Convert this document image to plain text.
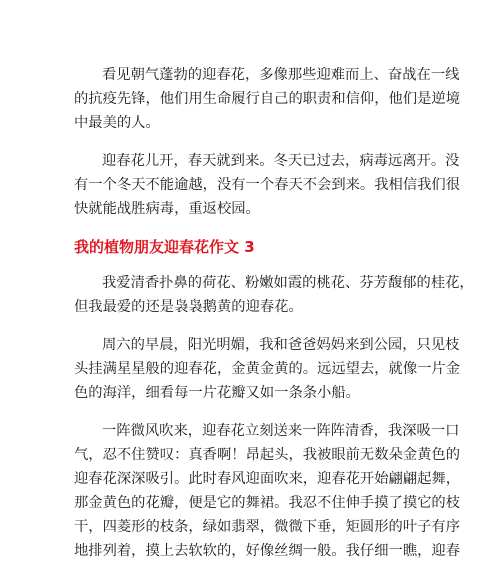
看见朝气蓬勃的迎春花，多像那些迎难而上、奋战在一线
的抗疫先锋，他们用生命履行自己的职责和信仰，他们是逆境
中最美的人。
迎春花儿开，春天就到来。冬天已过去，病毒远离开。没
有一个冬天不能逾越，没有一个春天不会到来。我相信我们很
快就能战胜病毒，重返校园。
我的植物朋友迎春花作文 3
我爱清香扑鼻的荷花、粉嫩如霞的桃花、芬芳馥郁的桂花，
但我最爱的还是袅袅鹅黄的迎春花。
周六的早晨，阳光明媚，我和爸爸妈妈来到公园，只见枝
头挂满星星般的迎春花，金黄金黄的。远远望去，就像一片金
色的海洋，细看每一片花瓣又如一条条小船。
一阵微风吹来，迎春花立刻送来一阵阵清香，我深吸一口
气，忍不住赞叹：真香啊！昂起头，我被眼前无数朵金黄色的
迎春花深深吸引。此时春风迎面吹来，迎春花开始翩翩起舞，
那金黄色的花瓣，便是它的舞裙。我忍不住伸手摸了摸它的枝
干，四菱形的枝条，绿如翡翠，微微下垂，矩圆形的叶子有序
地排列着，摸上去软软的，好像丝绸一般。我仔细一瞧，迎春
